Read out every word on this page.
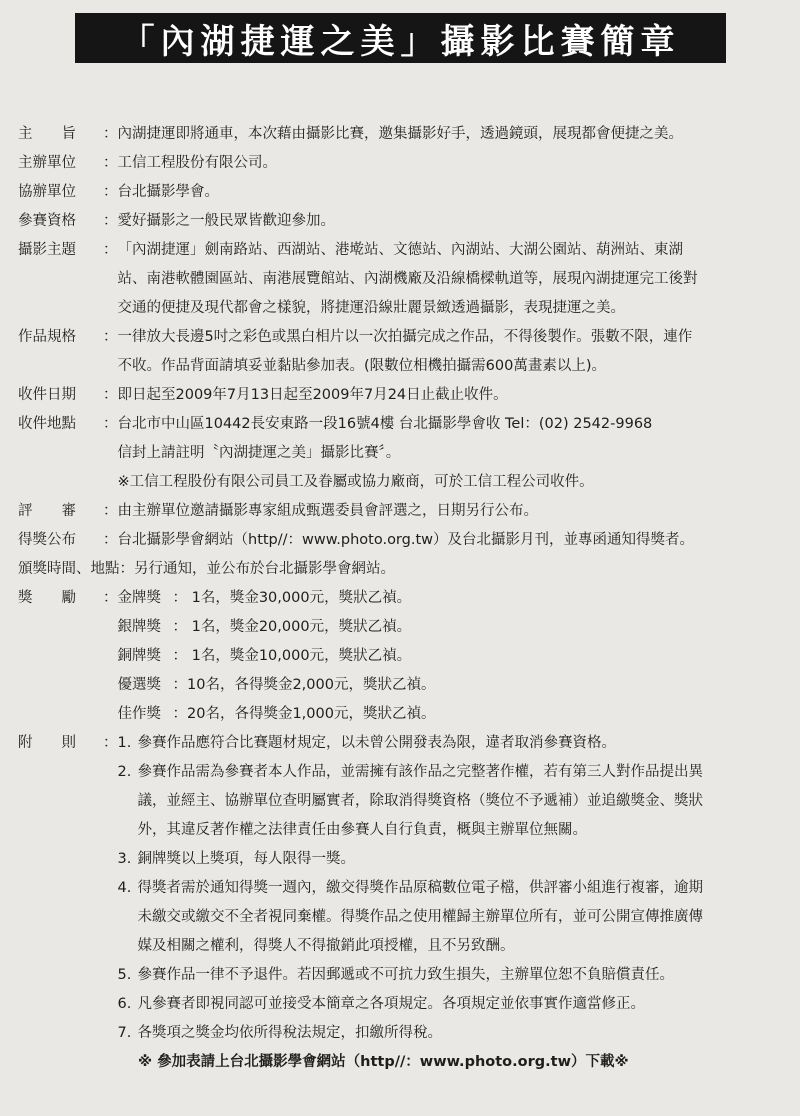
「內湖捷運之美」攝影比賽簡章
主　　旨	： 內湖捷運即將通車，本次藉由攝影比賽，邀集攝影好手，透過鏡頭，展現都會便捷之美。
主辦單位	： 工信工程股份有限公司。
協辦單位	： 台北攝影學會。
參賽資格	： 愛好攝影之一般民眾皆歡迎參加。
攝影主題	： 「內湖捷運」劍南路站、西湖站、港墘站、文德站、內湖站、大湖公園站、葫洲站、東湖
站、南港軟體園區站、南港展覽館站、內湖機廠及沿線橋樑軌道等，展現內湖捷運完工後對
交通的便捷及現代都會之樣貌，將捷運沿線壯麗景緻透過攝影，表現捷運之美。
作品規格	： 一律放大長邊5吋之彩色或黑白相片以一次拍攝完成之作品，不得後製作。張數不限，連作
不收。作品背面請填妥並黏貼參加表。(限數位相機拍攝需600萬畫素以上)。
收件日期	： 即日起至2009年7月13日起至2009年7月24日止截止收件。
收件地點	： 台北市中山區10442長安東路一段16號4樓 台北攝影學會收 Tel：(02) 2542-9968
信封上請註明〝內湖捷運之美」攝影比賽〞。
※工信工程股份有限公司員工及眷屬或協力廠商，可於工信工程公司收件。
評　　審	： 由主辦單位邀請攝影專家組成甄選委員會評選之，日期另行公布。
得獎公布	： 台北攝影學會網站（http//：www.photo.org.tw）及台北攝影月刊，並專函通知得獎者。
頒獎時間、地點 ： 另行通知，並公布於台北攝影學會網站。
獎　　勵	： 金牌獎 ： 1名，獎金30,000元，獎狀乙禎。
銀牌獎 ： 1名，獎金20,000元，獎狀乙禎。
銅牌獎 ： 1名，獎金10,000元，獎狀乙禎。
優選獎 ：10名，各得獎金2,000元，獎狀乙禎。
佳作獎 ：20名，各得獎金1,000元，獎狀乙禎。
附　　則	： 1. 參賽作品應符合比賽題材規定，以未曾公開發表為限，違者取消參賽資格。
2. 參賽作品需為參賽者本人作品，並需擁有該作品之完整著作權，若有第三人對作品提出異
議，並經主、協辦單位查明屬實者，除取消得獎資格（獎位不予遞補）並追繳獎金、獎狀
外，其違反著作權之法律責任由參賽人自行負責，概與主辦單位無關。
3. 銅牌獎以上獎項，每人限得一獎。
4. 得獎者需於通知得獎一週內，繳交得獎作品原稿數位電子檔，供評審小組進行複審，逾期
未繳交或繳交不全者視同棄權。得獎作品之使用權歸主辦單位所有，並可公開宣傳推廣傳
媒及相關之權利，得獎人不得撤銷此項授權，且不另致酬。
5. 參賽作品一律不予退件。若因郵遞或不可抗力致生損失，主辦單位恕不負賠償責任。
6. 凡參賽者即視同認可並接受本簡章之各項規定。各項規定並依事實作適當修正。
7. 各獎項之獎金均依所得稅法規定，扣繳所得稅。
※ 參加表請上台北攝影學會網站（http//：www.photo.org.tw）下載※
